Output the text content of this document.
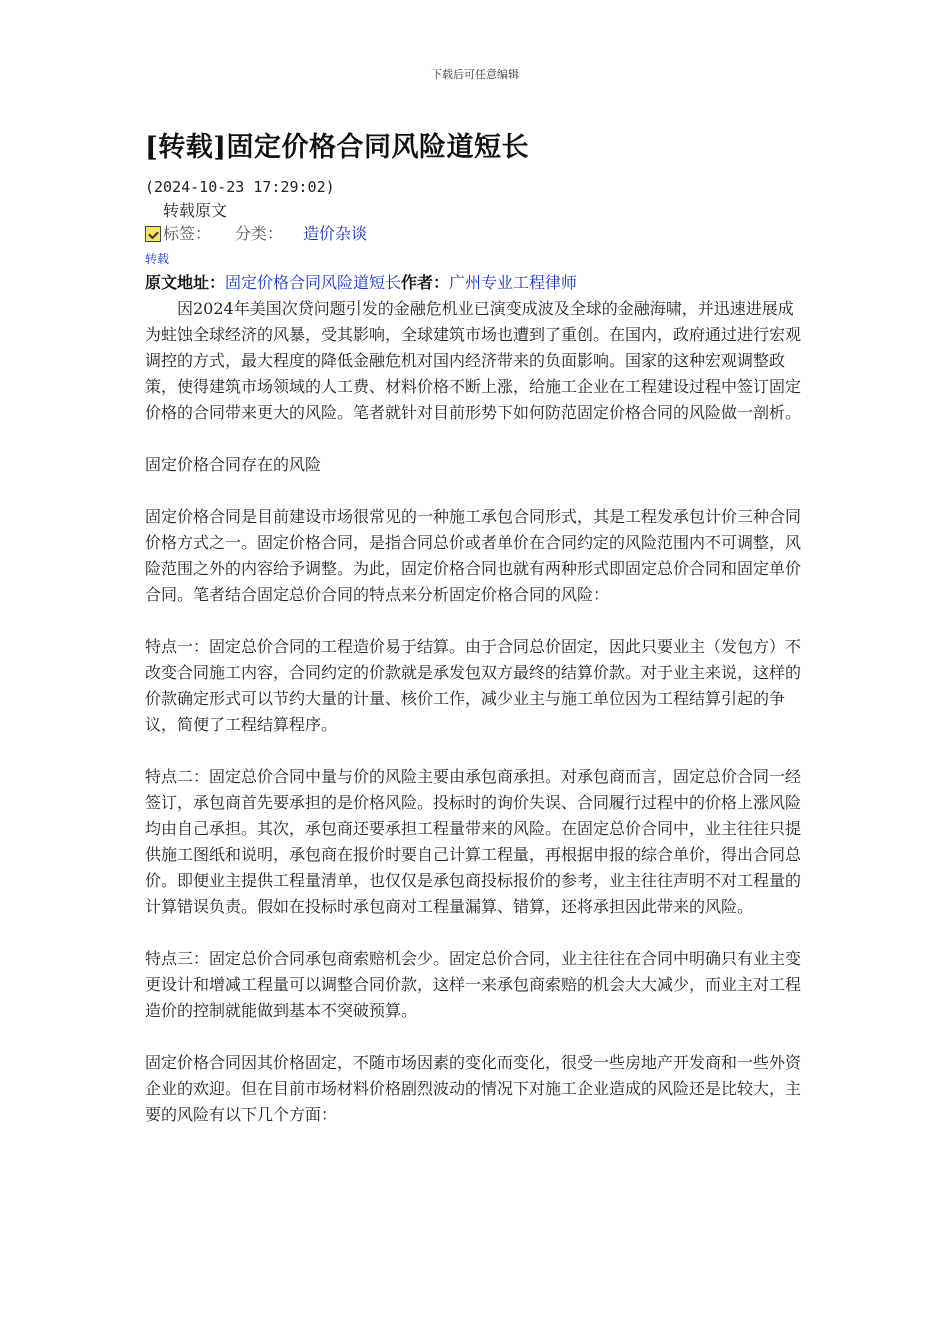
下载后可任意编辑
[转载]固定价格合同风险道短长
(2024-10-23 17:29:02)
转载原文
标签： 分类： 造价杂谈
转载
原文地址：固定价格合同风险道短长作者：广州专业工程律师

因2024年美国次贷问题引发的金融危机业已演变成波及全球的金融海啸，并迅速进展成为蛀蚀全球经济的风暴，受其影响，全球建筑市场也遭到了重创。在国内，政府通过进行宏观调控的方式，最大程度的降低金融危机对国内经济带来的负面影响。国家的这种宏观调整政策，使得建筑市场领域的人工费、材料价格不断上涨，给施工企业在工程建设过程中签订固定价格的合同带来更大的风险。笔者就针对目前形势下如何防范固定价格合同的风险做一剖析。

固定价格合同存在的风险

固定价格合同是目前建设市场很常见的一种施工承包合同形式，其是工程发承包计价三种合同价格方式之一。固定价格合同，是指合同总价或者单价在合同约定的风险范围内不可调整，风险范围之外的内容给予调整。为此，固定价格合同也就有两种形式即固定总价合同和固定单价合同。笔者结合固定总价合同的特点来分析固定价格合同的风险：

特点一：固定总价合同的工程造价易于结算。由于合同总价固定，因此只要业主（发包方）不改变合同施工内容，合同约定的价款就是承发包双方最终的结算价款。对于业主来说，这样的价款确定形式可以节约大量的计量、核价工作，减少业主与施工单位因为工程结算引起的争议，简便了工程结算程序。

特点二：固定总价合同中量与价的风险主要由承包商承担。对承包商而言，固定总价合同一经签订，承包商首先要承担的是价格风险。投标时的询价失误、合同履行过程中的价格上涨风险均由自己承担。其次，承包商还要承担工程量带来的风险。在固定总价合同中，业主往往只提供施工图纸和说明，承包商在报价时要自己计算工程量，再根据申报的综合单价，得出合同总价。即便业主提供工程量清单，也仅仅是承包商投标报价的参考，业主往往声明不对工程量的计算错误负责。假如在投标时承包商对工程量漏算、错算，还将承担因此带来的风险。

特点三：固定总价合同承包商索赔机会少。固定总价合同，业主往往在合同中明确只有业主变更设计和增减工程量可以调整合同价款，这样一来承包商索赔的机会大大减少，而业主对工程造价的控制就能做到基本不突破预算。

固定价格合同因其价格固定，不随市场因素的变化而变化，很受一些房地产开发商和一些外资企业的欢迎。但在目前市场材料价格剧烈波动的情况下对施工企业造成的风险还是比较大，主要的风险有以下几个方面：
